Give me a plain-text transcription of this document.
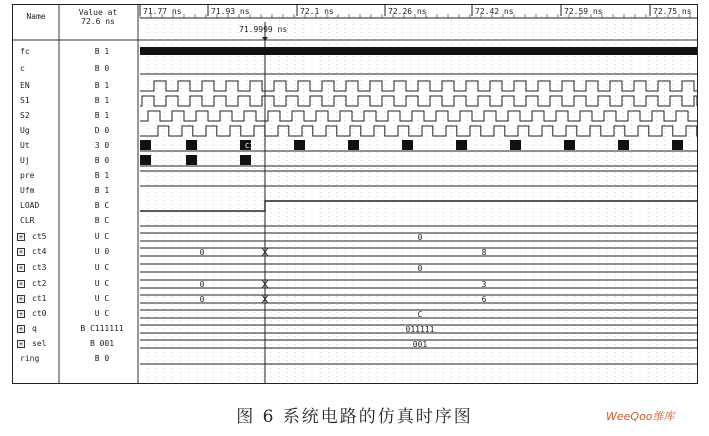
Name	Value at
72.6 ns
fc	B 1
c	B 0
EN	B 1
S1	B 1
S2	B 1
Ug	D 0
Ut	3 0
Uj	B 0
pre	B 1
Ufm	B 1
LOAD	B C
CLR	B C
+ ct5	U C
+ ct4	U 0
+ ct3	U C
+ ct2	U C
+ ct1	U C
+ ct0	U C
+ q	B C111111
+ sel	B 001
ring	B 0
71.77 ns	71.93 ns	72.1 ns	72.26 ns	72.42 ns	72.59 ns	72.75 ns
71.9999 ns
C1
0
0	8
0
0	3
0	6
C
011111
001
图 6 系统电路的仿真时序图	WeeQoo维库
